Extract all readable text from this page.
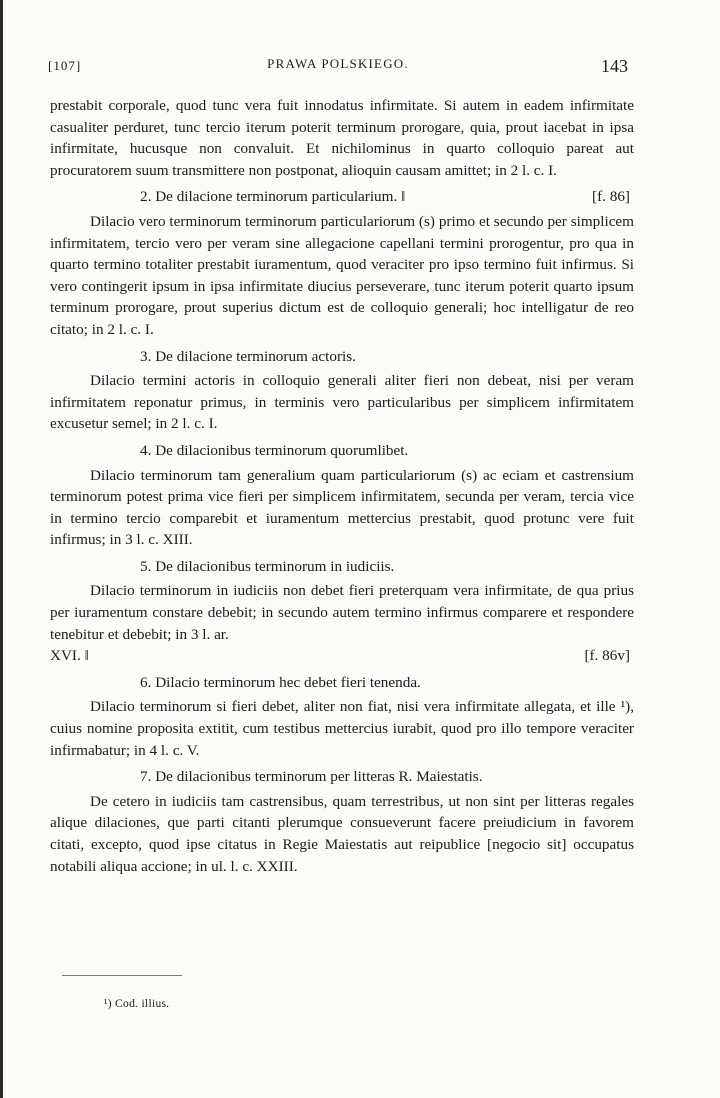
[107]	PRAWA POLSKIEGO.	143

prestabit corporale, quod tunc vera fuit innodatus infirmitate. Si autem in eadem infirmitate casualiter perduret, tunc tercio iterum poterit terminum prorogare, quia, prout iacebat in ipsa infirmitate, hucusque non convaluit. Et nichilominus in quarto colloquio pareat aut procuratorem suum transmittere non postponat, alioquin causam amittet; in 2 l. c. I.

2. De dilacione terminorum particularium. ‖	[f. 86]

Dilacio vero terminorum terminorum particulariorum (s) primo et secundo per simplicem infirmitatem, tercio vero per veram sine allegacione capellani termini prorogentur, pro qua in quarto termino totaliter prestabit iuramentum, quod veraciter pro ipso termino fuit infirmus. Si vero contingerit ipsum in ipsa infirmitate diucius perseverare, tunc iterum poterit quarto ipsum terminum prorogare, prout superius dictum est de colloquio generali; hoc intelligatur de reo citato; in 2 l. c. I.

3. De dilacione terminorum actoris.

Dilacio termini actoris in colloquio generali aliter fieri non debeat, nisi per veram infirmitatem reponatur primus, in terminis vero particularibus per simplicem infirmitatem excusetur semel; in 2 l. c. I.

4. De dilacionibus terminorum quorumlibet.

Dilacio terminorum tam generalium quam particulariorum (s) ac eciam et castrensium terminorum potest prima vice fieri per simplicem infirmitatem, secunda per veram, tercia vice in termino tercio comparebit et iuramentum mettercius prestabit, quod protunc vere fuit infirmus; in 3 l. c. XIII.

5. De dilacionibus terminorum in iudiciis.

Dilacio terminorum in iudiciis non debet fieri preterquam vera infirmitate, de qua prius per iuramentum constare debebit; in secundo autem termino infirmus comparere et respondere tenebitur et debebit; in 3 l. ar.

XVI. ‖	[f. 86v]
6. Dilacio terminorum hec debet fieri tenenda.

Dilacio terminorum si fieri debet, aliter non fiat, nisi vera infirmitate allegata, et ille ¹), cuius nomine proposita extitit, cum testibus mettercius iurabit, quod pro illo tempore veraciter infirmabatur; in 4 l. c. V.

7. De dilacionibus terminorum per litteras R. Maiestatis.

De cetero in iudiciis tam castrensibus, quam terrestribus, ut non sint per litteras regales alique dilaciones, que parti citanti plerumque consueverunt facere preiudicium in favorem citati, excepto, quod ipse citatus in Regie Maiestatis aut reipublice [negocio sit] occupatus notabili aliqua accione; in ul. l. c. XXIII.

¹) Cod. illius.
